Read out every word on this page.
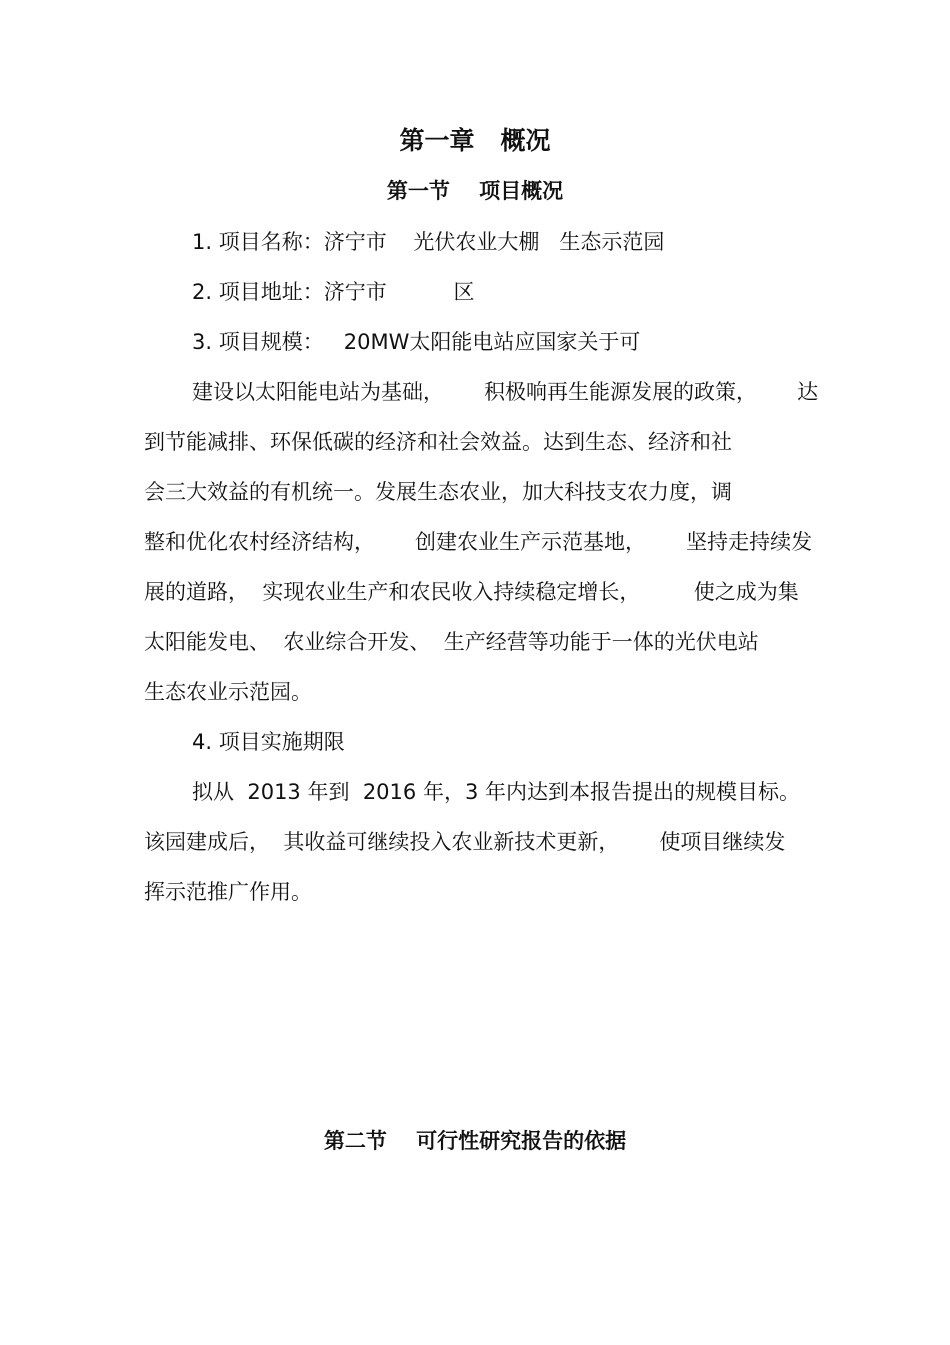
第一章   概况
第一节    项目概况

1. 项目名称：济宁市    光伏农业大棚   生态示范园

2. 项目地址：济宁市          区

3. 项目规模：   20MW太阳能电站应国家关于可

建设以太阳能电站为基础，      积极响再生能源发展的政策，      达

到节能减排、环保低碳的经济和社会效益。达到生态、经济和社

会三大效益的有机统一。发展生态农业，加大科技支农力度，调

整和优化农村经济结构，      创建农业生产示范基地，      坚持走持续发

展的道路，  实现农业生产和农民收入持续稳定增长，        使之成为集

太阳能发电、  农业综合开发、  生产经营等功能于一体的光伏电站

生态农业示范园。

4. 项目实施期限

拟从  2013 年到  2016 年，3 年内达到本报告提出的规模目标。

该园建成后，  其收益可继续投入农业新技术更新，      使项目继续发

挥示范推广作用。

第二节    可行性研究报告的依据
